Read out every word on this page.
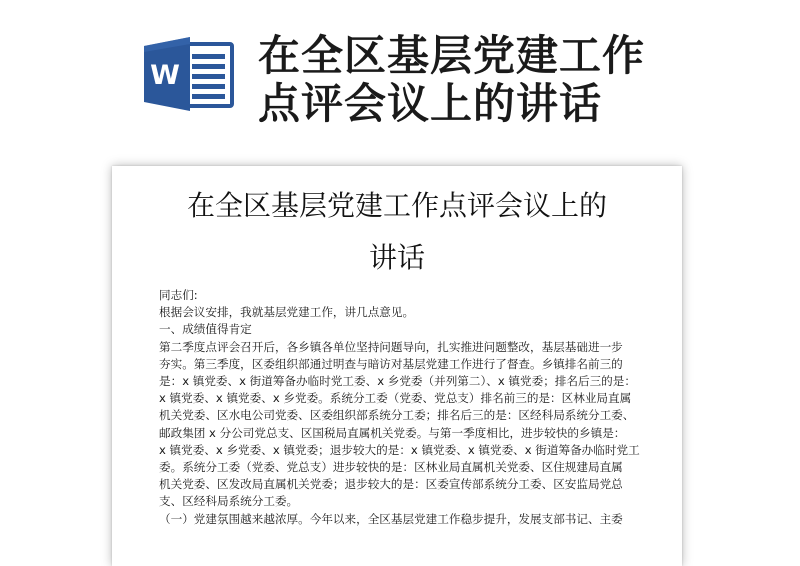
W 在全区基层党建工作
点评会议上的讲话
在全区基层党建工作点评会议上的
讲话
同志们:
根据会议安排，我就基层党建工作，讲几点意见。
一、成绩值得肯定
第二季度点评会召开后，各乡镇各单位坚持问题导向，扎实推进问题整改，基层基础进一步
夯实。第三季度，区委组织部通过明查与暗访对基层党建工作进行了督查。乡镇排名前三的
是：x 镇党委、x 街道筹备办临时党工委、x 乡党委（并列第二）、x 镇党委；排名后三的是：
x 镇党委、x 镇党委、x 乡党委。系统分工委（党委、党总支）排名前三的是：区林业局直属
机关党委、区水电公司党委、区委组织部系统分工委；排名后三的是：区经科局系统分工委、
邮政集团 x 分公司党总支、区国税局直属机关党委。与第一季度相比，进步较快的乡镇是：
x 镇党委、x 乡党委、x 镇党委；退步较大的是：x 镇党委、x 镇党委、x 街道筹备办临时党工
委。系统分工委（党委、党总支）进步较快的是：区林业局直属机关党委、区住规建局直属
机关党委、区发改局直属机关党委；退步较大的是：区委宣传部系统分工委、区安监局党总
支、区经科局系统分工委。
（一）党建氛围越来越浓厚。今年以来，全区基层党建工作稳步提升，发展支部书记、主委
